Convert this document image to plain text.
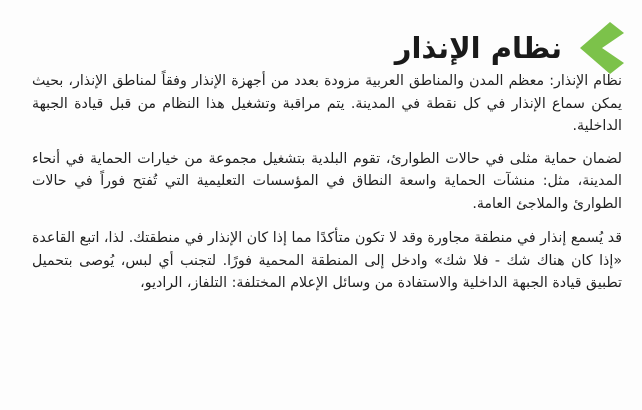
نظام الإنذار

نظام الإنذار: معظم المدن والمناطق العربية مزودة بعدد من أجهزة الإنذار وفقاً لمناطق الإنذار، بحيث يمكن سماع الإنذار في كل نقطة في المدينة. يتم مراقبة وتشغيل هذا النظام من قبل قيادة الجبهة الداخلية.

لضمان حماية مثلى في حالات الطوارئ، تقوم البلدية بتشغيل مجموعة من خيارات الحماية في أنحاء المدينة، مثل: منشآت الحماية واسعة النطاق في المؤسسات التعليمية التي تُفتح فوراً في حالات الطوارئ والملاجئ العامة.

قد يُسمع إنذار في منطقة مجاورة وقد لا تكون متأكدًا مما إذا كان الإنذار في منطقتك. لذا، اتبع القاعدة «إذا كان هناك شك - فلا شك» وادخل إلى المنطقة المحمية فورًا. لتجنب أي لبس، يُوصى بتحميل تطبيق قيادة الجبهة الداخلية والاستفادة من وسائل الإعلام المختلفة: التلفاز، الراديو،
